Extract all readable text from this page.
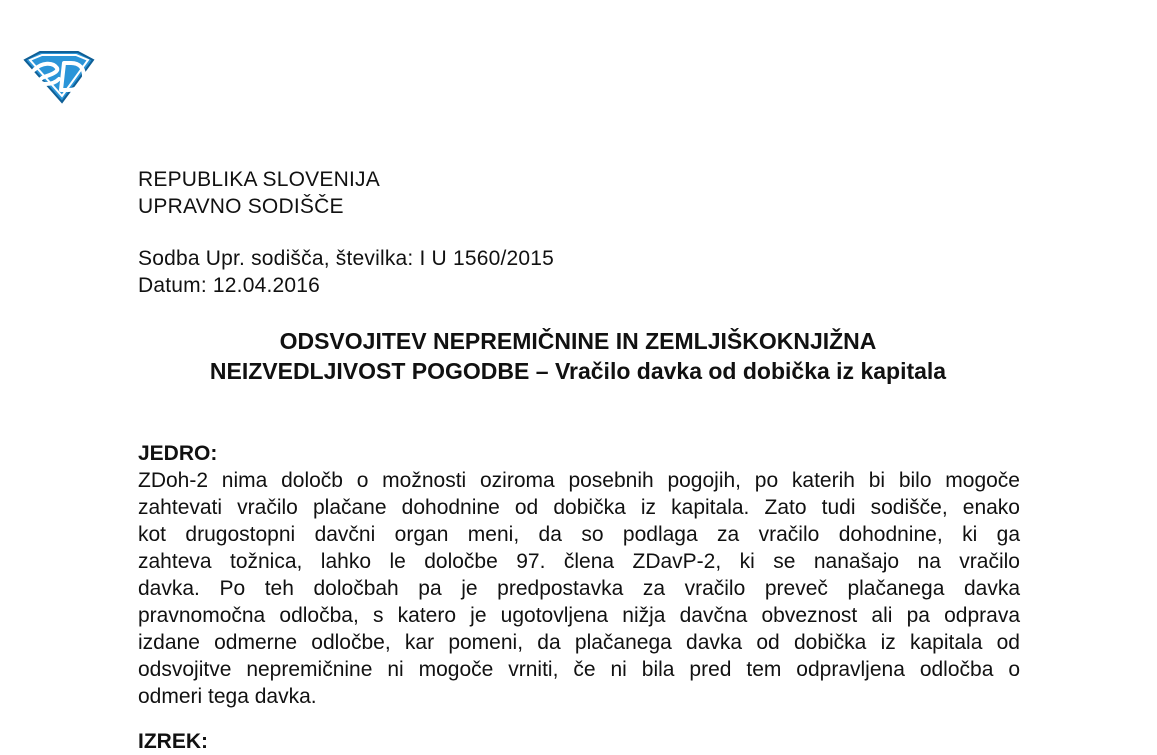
REPUBLIKA SLOVENIJA
UPRAVNO SODIŠČE
Sodba Upr. sodišča, številka: I U 1560/2015
Datum: 12.04.2016
ODSVOJITEV NEPREMIČNINE IN ZEMLJIŠKOKNJIŽNA
NEIZVEDLJIVOST POGODBE – Vračilo davka od dobička iz kapitala
JEDRO:
ZDoh-2 nima določb o možnosti oziroma posebnih pogojih, po katerih bi bilo mogoče
zahtevati vračilo plačane dohodnine od dobička iz kapitala. Zato tudi sodišče, enako
kot drugostopni davčni organ meni, da so podlaga za vračilo dohodnine, ki ga
zahteva tožnica, lahko le določbe 97. člena ZDavP-2, ki se nanašajo na vračilo
davka. Po teh določbah pa je predpostavka za vračilo preveč plačanega davka
pravnomočna odločba, s katero je ugotovljena nižja davčna obveznost ali pa odprava
izdane odmerne odločbe, kar pomeni, da plačanega davka od dobička iz kapitala od
odsvojitve nepremičnine ni mogoče vrniti, če ni bila pred tem odpravljena odločba o
odmeri tega davka.
IZREK:
